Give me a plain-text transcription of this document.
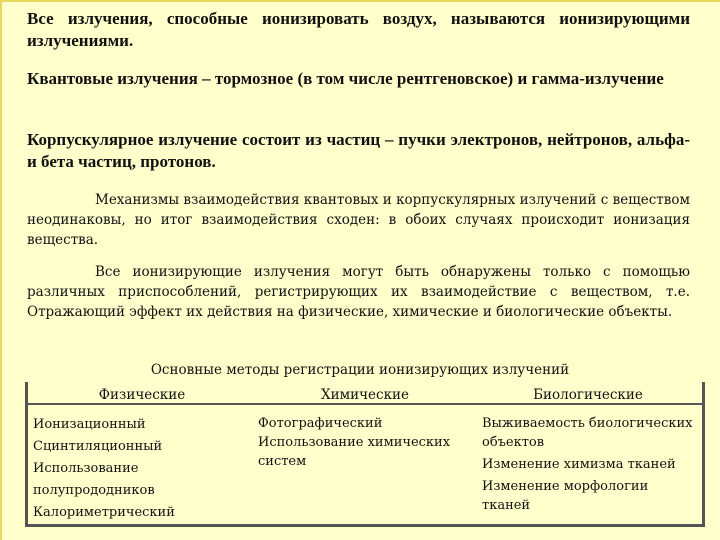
Все излучения, способные ионизировать воздух, называются ионизирующими излучениями.

Квантовые излучения – тормозное (в том числе рентгеновское) и гамма-излучение

Корпускулярное излучение состоит из частиц – пучки электронов, нейтронов, альфа- и бета частиц, протонов.

Механизмы взаимодействия квантовых и корпускулярных излучений с веществом неодинаковы, но итог взаимодействия сходен: в обоих случаях происходит ионизация вещества.

Все ионизирующие излучения могут быть обнаружены только с помощью различных приспособлений, регистрирующих их взаимодействие с веществом, т.е. Отражающий эффект их действия на физические, химические и биологические объекты.

Основные методы регистрации ионизирующих излучений
Физические	Химические	Биологические
Ионизационный
Сцинтиляционный
Использование полупрододников
Калориметрический
Фотографический
Использование химических систем
Выживаемость биологических объектов
Изменение химизма тканей
Изменение морфологии тканей
